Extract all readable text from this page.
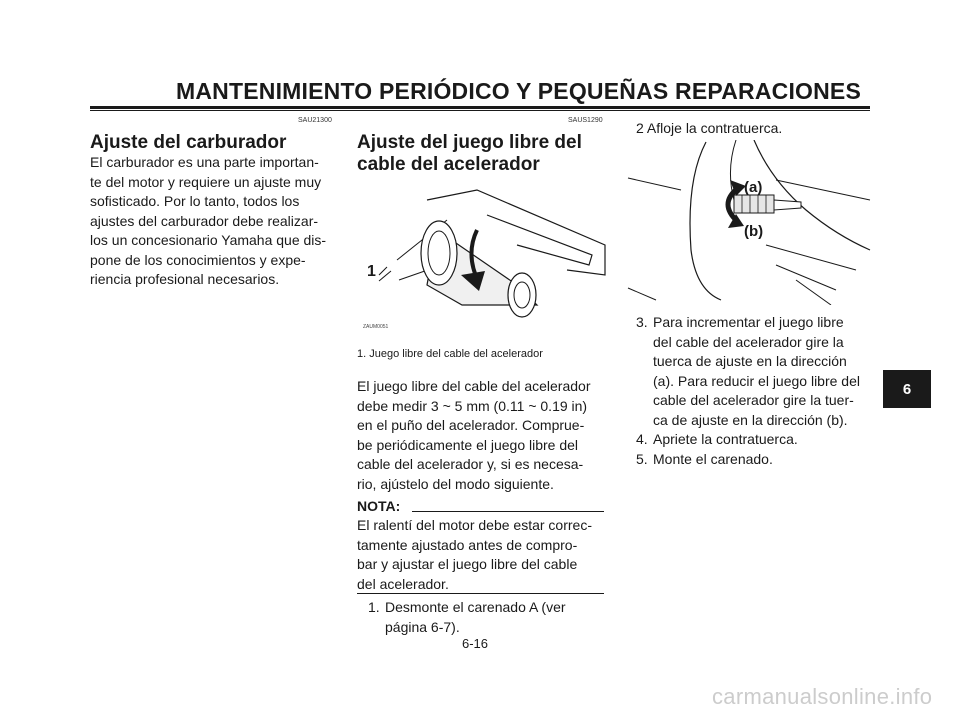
MANTENIMIENTO PERIÓDICO Y PEQUEÑAS REPARACIONES
SAU21300
Ajuste del carburador
El carburador es una parte importan-
te del motor y requiere un ajuste muy
sofisticado. Por lo tanto, todos los
ajustes del carburador debe realizar-
los un concesionario Yamaha que dis-
pone de los conocimientos y expe-
riencia profesional necesarios.
SAUS1290
Ajuste del juego libre del
cable del acelerador
1
ZAUM0051
1. Juego libre del cable del acelerador
El juego libre del cable del acelerador
debe medir 3 ~ 5 mm (0.11 ~ 0.19 in)
en el puño del acelerador. Comprue-
be periódicamente el juego libre del
cable del acelerador y, si es necesa-
rio, ajústelo del modo siguiente.
NOTA:
El ralentí del motor debe estar correc-
tamente ajustado antes de compro-
bar y ajustar el juego libre del cable
del acelerador.
1. Desmonte el carenado A (ver
página 6-7).
2 Afloje la contratuerca.
(a)
(b)
3. Para incrementar el juego libre
del cable del acelerador gire la
tuerca de ajuste en la dirección
(a). Para reducir el juego libre del
cable del acelerador gire la tuer-
ca de ajuste en la dirección (b).
4. Apriete la contratuerca.
5. Monte el carenado.
6-16
6
carmanualsonline.info
